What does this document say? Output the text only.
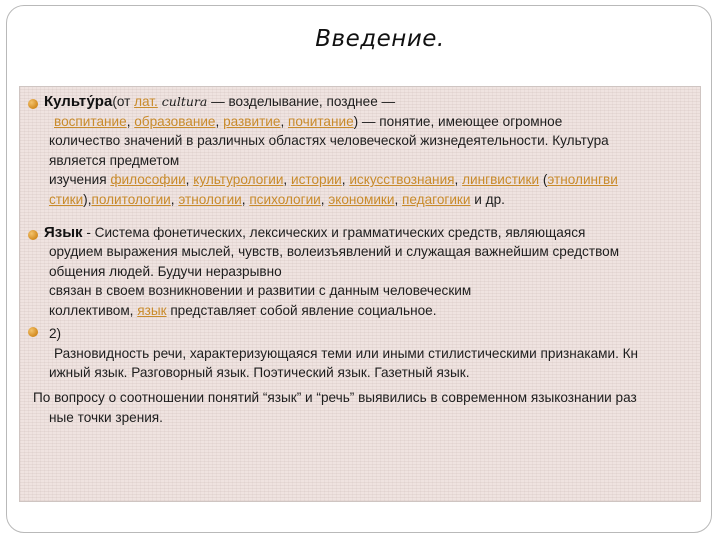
Введение.
Культу́ра(от лат. cultura — возделывание, позднее —
воспитание, образование, развитие, почитание) — понятие, имеющее огромное
количество значений в различных областях человеческой жизнедеятельности. Культура
является предметом
изучения философии, культурологии, истории, искусствознания, лингвистики (этнолингви
стики),политологии, этнологии, психологии, экономики, педагогики и др.
Язык - Система фонетических, лексических и грамматических средств, являющаяся
орудием выражения мыслей, чувств, волеизъявлений и служащая важнейшим средством
общения людей. Будучи неразрывно
связан в своем возникновении и развитии с данным человеческим
коллективом, язык представляет собой явление социальное.
2)
Разновидность речи, характеризующаяся теми или иными стилистическими признаками. Кн
ижный язык. Разговорный язык. Поэтический язык. Газетный язык.
По вопросу о соотношении понятий “язык” и “речь” выявились в современном языкознании раз
ные точки зрения.
